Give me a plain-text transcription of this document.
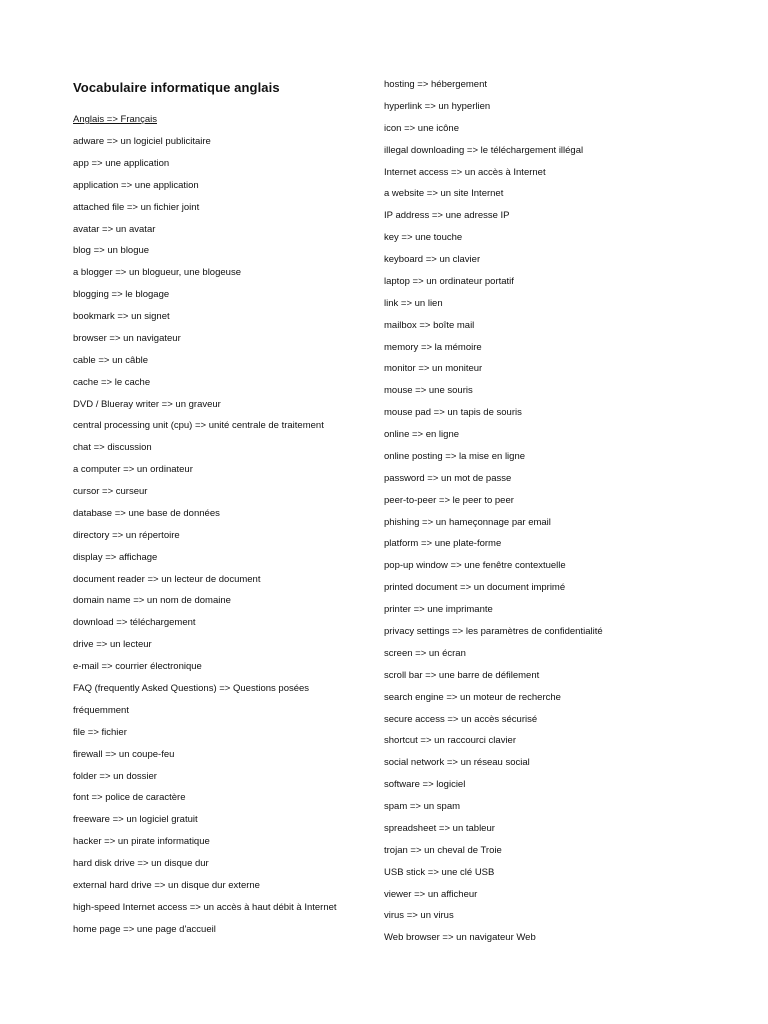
Vocabulaire informatique anglais
Anglais => Français
adware => un logiciel publicitaire
app => une application
application => une application
attached file => un fichier joint
avatar => un avatar
blog => un blogue
a blogger => un blogueur, une blogeuse
blogging => le blogage
bookmark => un signet
browser => un navigateur
cable => un câble
cache => le cache
DVD / Blueray writer => un graveur
central processing unit (cpu) => unité centrale de traitement
chat => discussion
a computer => un ordinateur
cursor => curseur
database => une base de données
directory => un répertoire
display => affichage
document reader => un lecteur de document
domain name => un nom de domaine
download => téléchargement
drive => un lecteur
e-mail => courrier électronique
FAQ (frequently Asked Questions) => Questions posées
fréquemment
file => fichier
firewall => un coupe-feu
folder => un dossier
font => police de caractère
freeware => un logiciel gratuit
hacker => un pirate informatique
hard disk drive => un disque dur
external hard drive => un disque dur externe
high-speed Internet access => un accès à haut débit à Internet
home page => une page d'accueil
hosting => hébergement
hyperlink => un hyperlien
icon => une icône
illegal downloading => le téléchargement illégal
Internet access => un accès à Internet
a website => un site Internet
IP address => une adresse IP
key => une touche
keyboard => un clavier
laptop => un ordinateur portatif
link => un lien
mailbox => boîte mail
memory => la mémoire
monitor => un moniteur
mouse => une souris
mouse pad => un tapis de souris
online => en ligne
online posting => la mise en ligne
password => un mot de passe
peer-to-peer => le peer to peer
phishing => un hameçonnage par email
platform => une plate-forme
pop-up window => une fenêtre contextuelle
printed document => un document imprimé
printer => une imprimante
privacy settings => les paramètres de confidentialité
screen => un écran
scroll bar => une barre de défilement
search engine => un moteur de recherche
secure access => un accès sécurisé
shortcut => un raccourci clavier
social network => un réseau social
software => logiciel
spam => un spam
spreadsheet => un tableur
trojan => un cheval de Troie
USB stick => une clé USB
viewer => un afficheur
virus => un virus
Web browser => un navigateur Web
